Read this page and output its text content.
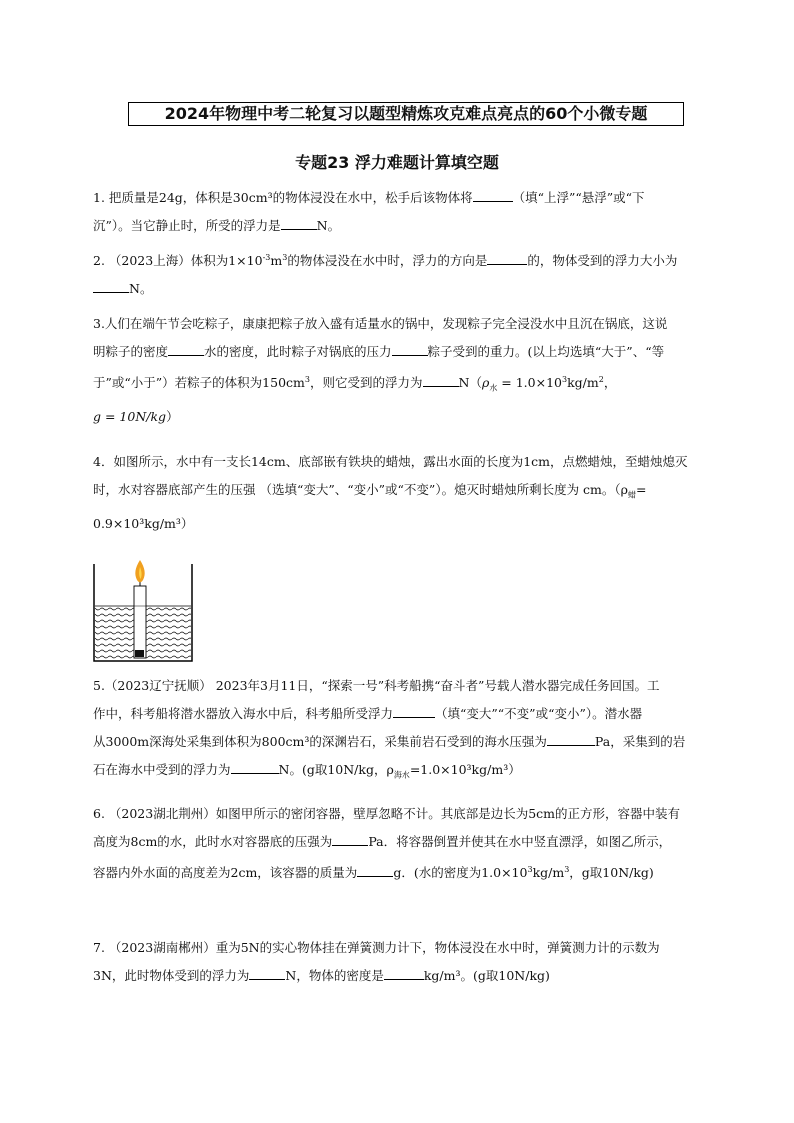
2024年物理中考二轮复习以题型精炼攻克难点亮点的60个小微专题
专题23 浮力难题计算填空题
1. 把质量是24g，体积是30cm³的物体浸没在水中，松手后该物体将	（填“上浮”“悬浮”或“下
沉”）。当它静止时，所受的浮力是	N。
2. （2023上海）体积为$1\times 10^{-3}m^3$的物体浸没在水中时，浮力的方向是	的，物体受到的浮力大小为
N。
3.人们在端午节会吃粽子，康康把粽子放入盛有适量水的锅中，发现粽子完全浸没水中且沉在锅底，这说
明粽子的密度	水的密度，此时粽子对锅底的压力	粽子受到的重力。(以上均选填“大于”、“等
于”或“小于”）若粽子的体积为$150cm^3$，则它受到的浮力为	$N(\rho_水 = 1.0\times 10^3kg/m^2$，
g = 10N/kg）
4．如图所示，水中有一支长14cm、底部嵌有铁块的蜡烛，露出水面的长度为1cm，点燃蜡烛，至蜡烛熄灭
时，水对容器底部产生的压强 （选填“变大”、“变小”或“不变”）。熄灭时蜡烛所剩长度为 cm。（$\rho_蜡=$
0.9×10³kg/m³）
5.（2023辽宁抚顺） 2023年3月11日，“探索一号”科考船携“奋斗者”号载人潜水器完成任务回国。工
作中，科考船将潜水器放入海水中后，科考船所受浮力	（填“变大”“不变”或“变小”）。潜水器
从3000m深海处采集到体积为800cm³的深渊岩石，采集前岩石受到的海水压强为	Pa，采集到的岩
石在海水中受到的浮力为	N。(g取10N/kg，$\rho_{海水}=1.0\times 10^3kg/m^3$）
6. （2023湖北荆州）如图甲所示的密闭容器，壁厚忽略不计。其底部是边长为5cm的正方形，容器中装有
高度为8cm的水，此时水对容器底的压强为	Pa．将容器倒置并使其在水中竖直漂浮，如图乙所示，
容器内外水面的高度差为2cm，该容器的质量为	g．(水的密度为$1.0\times 10^3kg/m^3$，g取10N/kg)
7. （2023湖南郴州）重为5N的实心物体挂在弹簧测力计下，物体浸没在水中时，弹簧测力计的示数为
3N，此时物体受到的浮力为	N，物体的密度是	kg/m³。(g取10N/kg)
